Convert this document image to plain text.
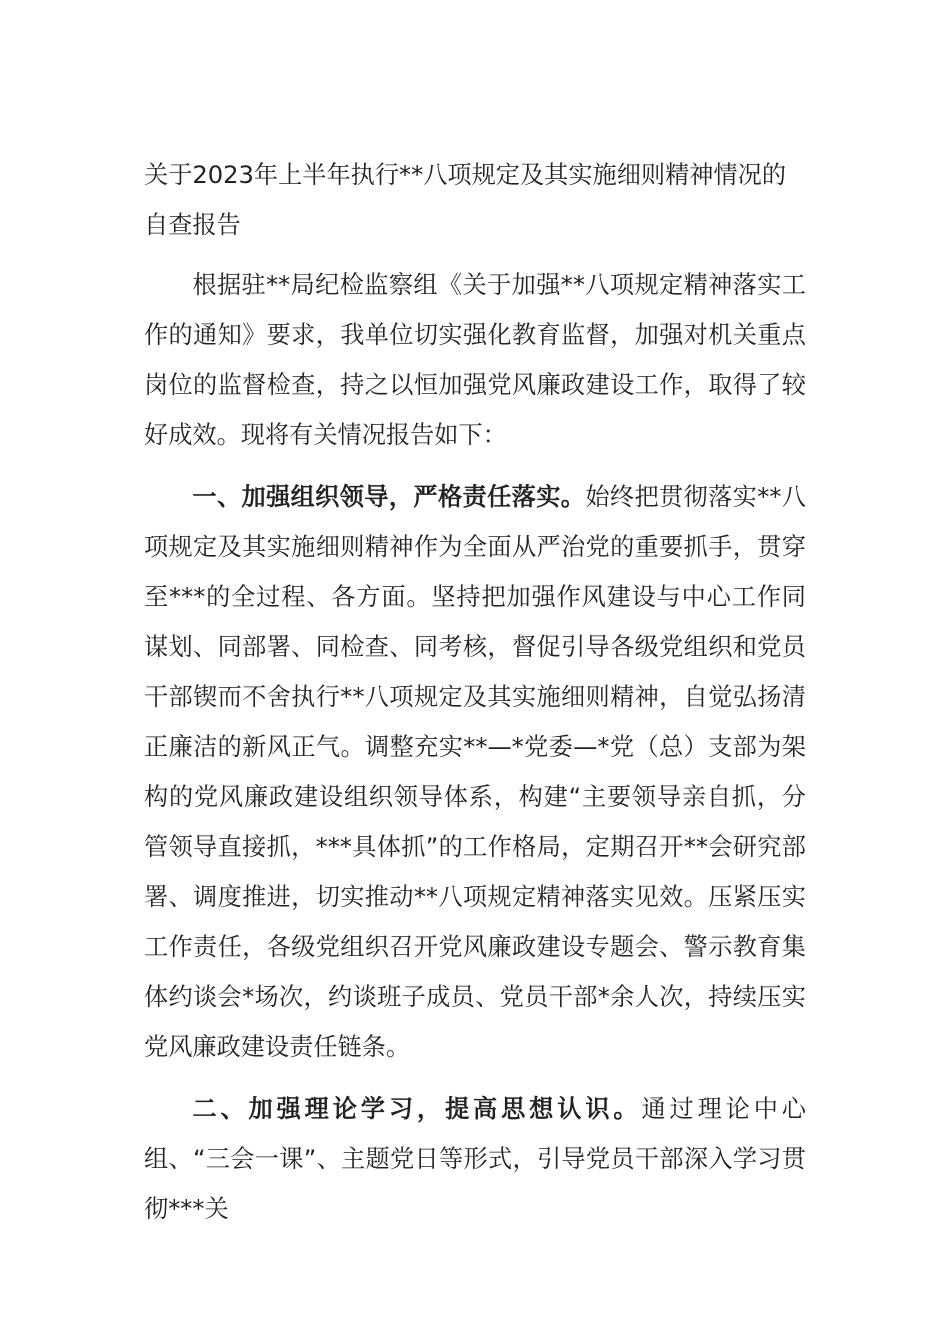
关于2023年上半年执行**八项规定及其实施细则精神情况的自查报告

根据驻**局纪检监察组《关于加强**八项规定精神落实工作的通知》要求，我单位切实强化教育监督，加强对机关重点岗位的监督检查，持之以恒加强党风廉政建设工作，取得了较好成效。现将有关情况报告如下：

一、加强组织领导，严格责任落实。始终把贯彻落实**八项规定及其实施细则精神作为全面从严治党的重要抓手，贯穿至***的全过程、各方面。坚持把加强作风建设与中心工作同谋划、同部署、同检查、同考核，督促引导各级党组织和党员干部锲而不舍执行**八项规定及其实施细则精神，自觉弘扬清正廉洁的新风正气。调整充实**—*党委—*党（总）支部为架构的党风廉政建设组织领导体系，构建“主要领导亲自抓，分管领导直接抓，***具体抓”的工作格局，定期召开**会研究部署、调度推进，切实推动**八项规定精神落实见效。压紧压实工作责任，各级党组织召开党风廉政建设专题会、警示教育集体约谈会*场次，约谈班子成员、党员干部*余人次，持续压实党风廉政建设责任链条。

二、加强理论学习，提高思想认识。通过理论中心组、“三会一课”、主题党日等形式，引导党员干部深入学习贯彻***关
